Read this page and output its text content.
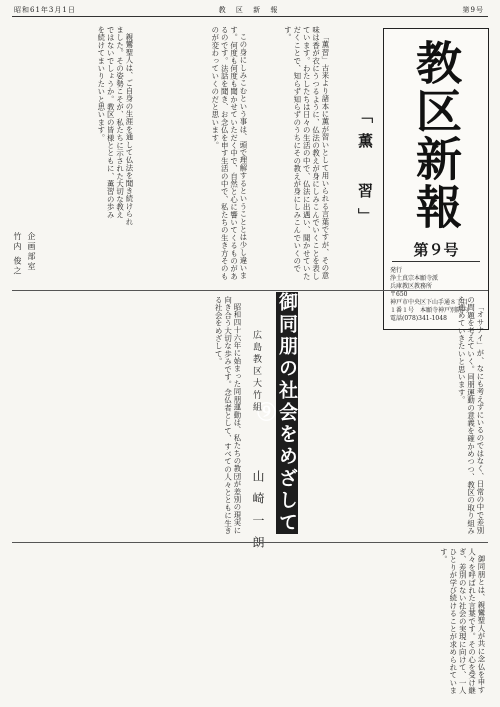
昭和61年3月1日	教 区 新 報	第9号
教区新報
第９号
発行
浄土真宗本願寺派
兵庫教区教務所
〒650
神戸市中央区下山手通８丁目
１番１号　本願寺神戸別院内
電話(078)341-1048
「薫　習」

「薫習」古来より諸本に薫が習いとして用いられる言葉ですが、その意味は香が衣にうつるように、仏法の教えが身にしみこんでいくことを表しています。わたしたちは日々の生活の中で、仏法に出遇い、聞かせていただくことで、知らず知らずのうちにその教えが身にしみこんでいくのです。

この身にしみこむという事は、頭で理解するということとは少し違います。何度も何度も聞かせていただく中で、自然と心に響いてくるものがあるのです。法話を聞き、お念仏を申す生活の中で、私たちの生き方そのものが変わっていくのだと思います。

親鸞聖人は、ご自身の生涯を通して仏法を聞き続けられました。その姿勢こそが、私たちに示された大切な教えではないでしょうか。教区の皆様とともに、薫習の歩みを続けてまいりたいと思います。

企画部室
竹内 俊之
御同朋の社会をめざして⑨
広島教区大竹組
山崎一朗	「オサナイ」が、なにも考えずにいるのではなく、日常の中で差別の問題を考えていく。同朋運動の意義を確かめつつ、教区の取り組みを進めていきたいと思います。

昭和四十六年に始まった同朋運動は、私たちの教団が差別の現実に向き合う大切な歩みです。念仏者として、すべての人々とともに生きる社会をめざして。

御同朋とは、親鸞聖人が共に念仏を申す人々を呼ばれた言葉です。その心を受け継ぎ、差別のない社会の実現に向けて、一人ひとりが学び続けることが求められています。
